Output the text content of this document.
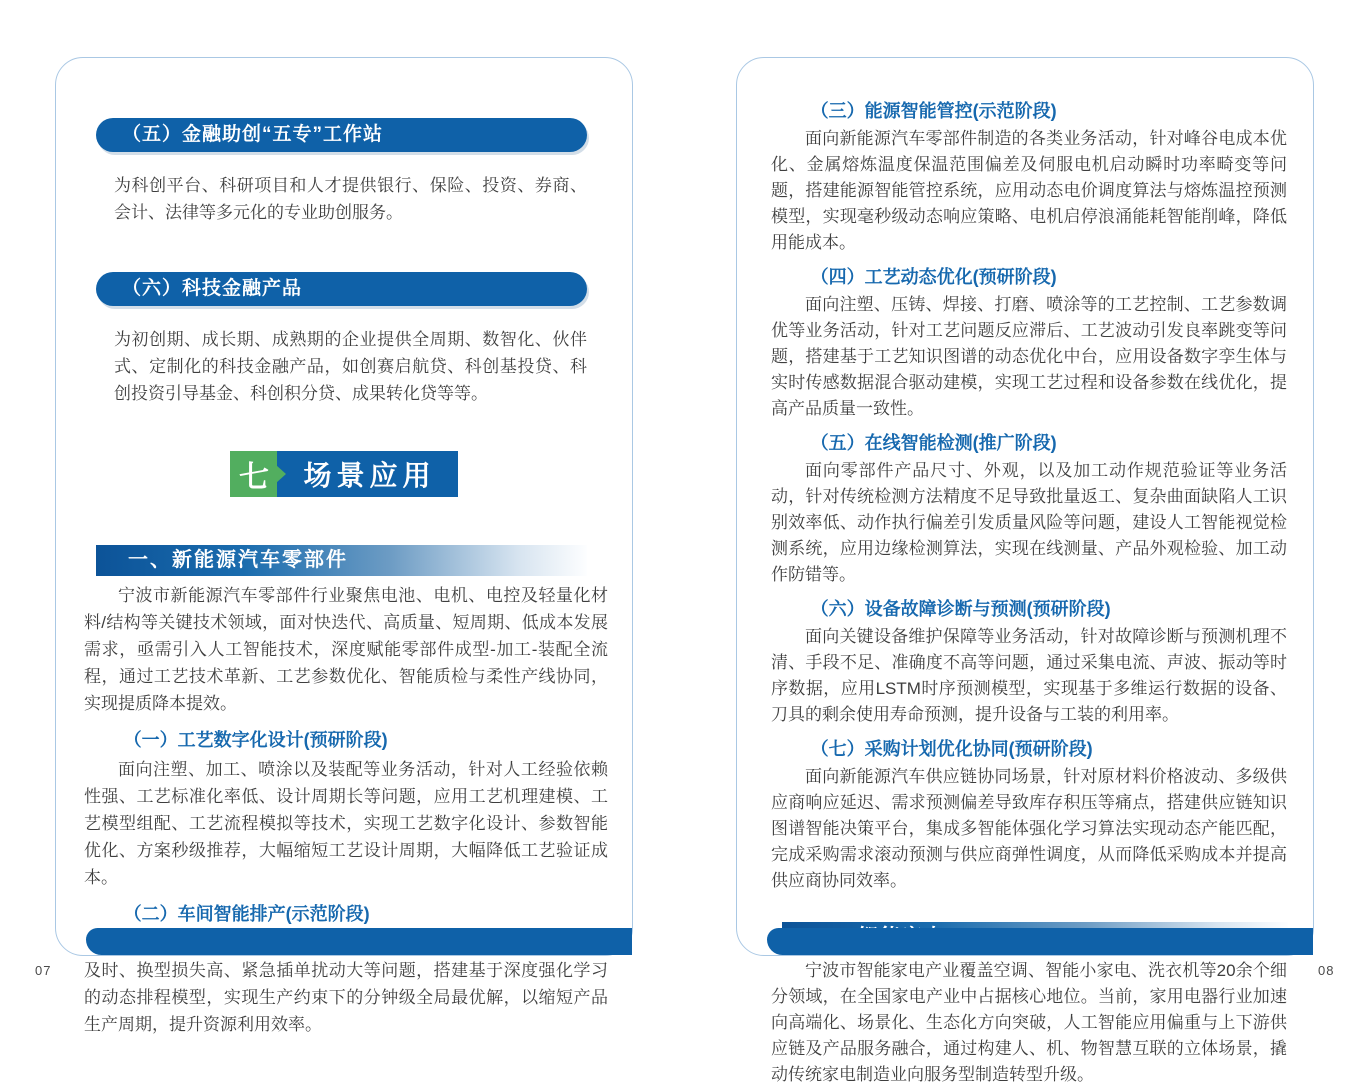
（五）金融助创“五专”工作站

为科创平台、科研项目和人才提供银行、保险、投资、券商、会计、法律等多元化的专业助创服务。

（六）科技金融产品

为初创期、成长期、成熟期的企业提供全周期、数智化、伙伴式、定制化的科技金融产品，如创赛启航贷、科创基投贷、科创投资引导基金、科创积分贷、成果转化贷等等。

七	场景应用
一、新能源汽车零部件

宁波市新能源汽车零部件行业聚焦电池、电机、电控及轻量化材料/结构等关键技术领域，面对快迭代、高质量、短周期、低成本发展需求，亟需引入人工智能技术，深度赋能零部件成型-加工-装配全流程，通过工艺技术革新、工艺参数优化、智能质检与柔性产线协同，实现提质降本提效。

（一）工艺数字化设计(预研阶段)

面向注塑、加工、喷涂以及装配等业务活动，针对人工经验依赖性强、工艺标准化率低、设计周期长等问题，应用工艺机理建模、工艺模型组配、工艺流程模拟等技术，实现工艺数字化设计、参数智能优化、方案秒级推荐，大幅缩短工艺设计周期，大幅降低工艺验证成本。

（二）车间智能排产(示范阶段)

及时、换型损失高、紧急插单扰动大等问题，搭建基于深度强化学习的动态排程模型，实现生产约束下的分钟级全局最优解，以缩短产品生产周期，提升资源利用效率。

（三）能源智能管控(示范阶段)

面向新能源汽车零部件制造的各类业务活动，针对峰谷电成本优化、金属熔炼温度保温范围偏差及伺服电机启动瞬时功率畸变等问题，搭建能源智能管控系统，应用动态电价调度算法与熔炼温控预测模型，实现毫秒级动态响应策略、电机启停浪涌能耗智能削峰，降低用能成本。

（四）工艺动态优化(预研阶段)

面向注塑、压铸、焊接、打磨、喷涂等的工艺控制、工艺参数调优等业务活动，针对工艺问题反应滞后、工艺波动引发良率跳变等问题，搭建基于工艺知识图谱的动态优化中台，应用设备数字孪生体与实时传感数据混合驱动建模，实现工艺过程和设备参数在线优化，提高产品质量一致性。

（五）在线智能检测(推广阶段)

面向零部件产品尺寸、外观，以及加工动作规范验证等业务活动，针对传统检测方法精度不足导致批量返工、复杂曲面缺陷人工识别效率低、动作执行偏差引发质量风险等问题，建设人工智能视觉检测系统，应用边缘检测算法，实现在线测量、产品外观检验、加工动作防错等。

（六）设备故障诊断与预测(预研阶段)

面向关键设备维护保障等业务活动，针对故障诊断与预测机理不清、手段不足、准确度不高等问题，通过采集电流、声波、振动等时序数据，应用LSTM时序预测模型，实现基于多维运行数据的设备、刀具的剩余使用寿命预测，提升设备与工装的利用率。

（七）采购计划优化协同(预研阶段)

面向新能源汽车供应链协同场景，针对原材料价格波动、多级供应商响应延迟、需求预测偏差导致库存积压等痛点，搭建供应链知识图谱智能决策平台，集成多智能体强化学习算法实现动态产能匹配，完成采购需求滚动预测与供应商弹性调度，从而降低采购成本并提高供应商协同效率。

宁波市智能家电产业覆盖空调、智能小家电、洗衣机等20余个细分领域，在全国家电产业中占据核心地位。当前，家用电器行业加速向高端化、场景化、生态化方向突破，人工智能应用偏重与上下游供应链及产品服务融合，通过构建人、机、物智慧互联的立体场景，撬动传统家电制造业向服务型制造转型升级。

07	08
